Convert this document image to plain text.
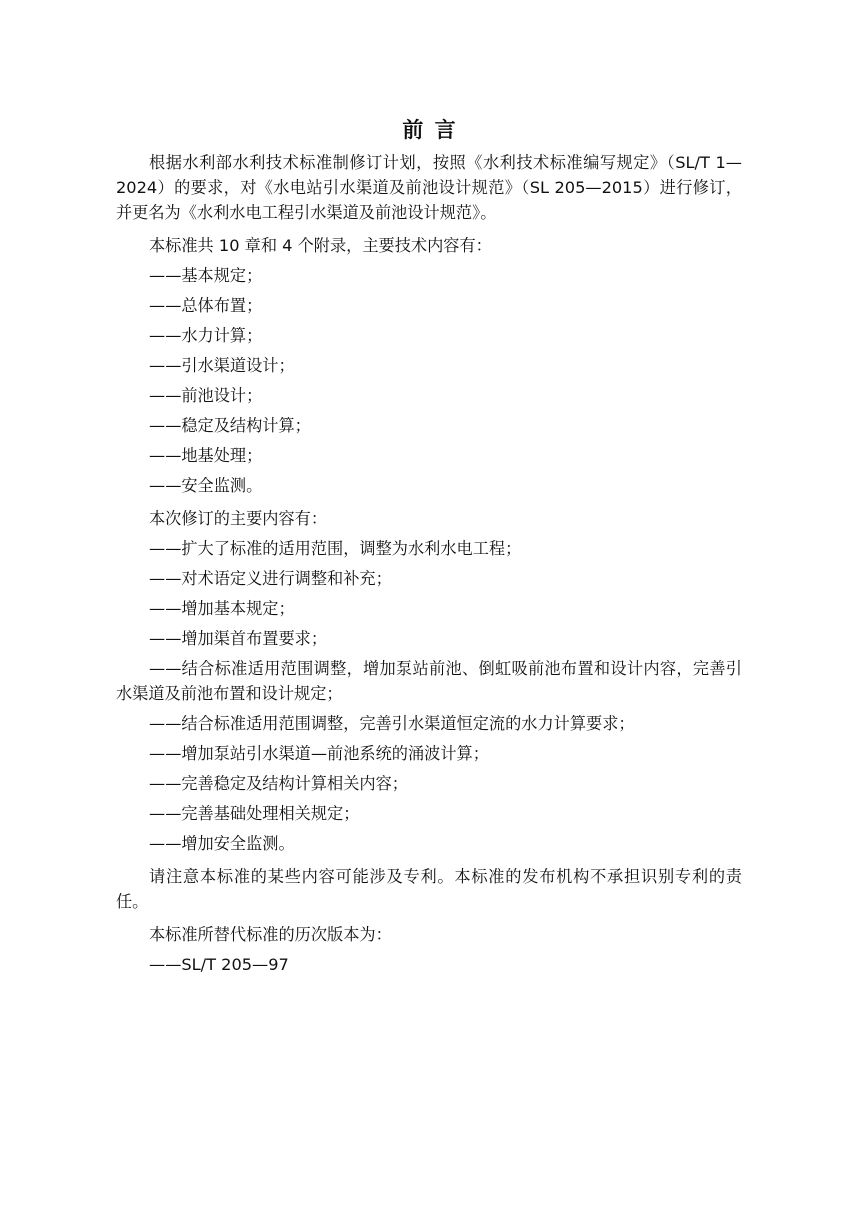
前 言

根据水利部水利技术标准制修订计划，按照《水利技术标准编写规定》（SL/T 1—2024）的要求，对《水电站引水渠道及前池设计规范》（SL 205—2015）进行修订，并更名为《水利水电工程引水渠道及前池设计规范》。

本标准共 10 章和 4 个附录，主要技术内容有：

——基本规定；

——总体布置；

——水力计算；

——引水渠道设计；

——前池设计；

——稳定及结构计算；

——地基处理；

——安全监测。

本次修订的主要内容有：

——扩大了标准的适用范围，调整为水利水电工程；

——对术语定义进行调整和补充；

——增加基本规定；

——增加渠首布置要求；

——结合标准适用范围调整，增加泵站前池、倒虹吸前池布置和设计内容，完善引水渠道及前池布置和设计规定；

——结合标准适用范围调整，完善引水渠道恒定流的水力计算要求；

——增加泵站引水渠道—前池系统的涌波计算；

——完善稳定及结构计算相关内容；

——完善基础处理相关规定；

——增加安全监测。

请注意本标准的某些内容可能涉及专利。本标准的发布机构不承担识别专利的责任。

本标准所替代标准的历次版本为：

——SL/T 205—97
